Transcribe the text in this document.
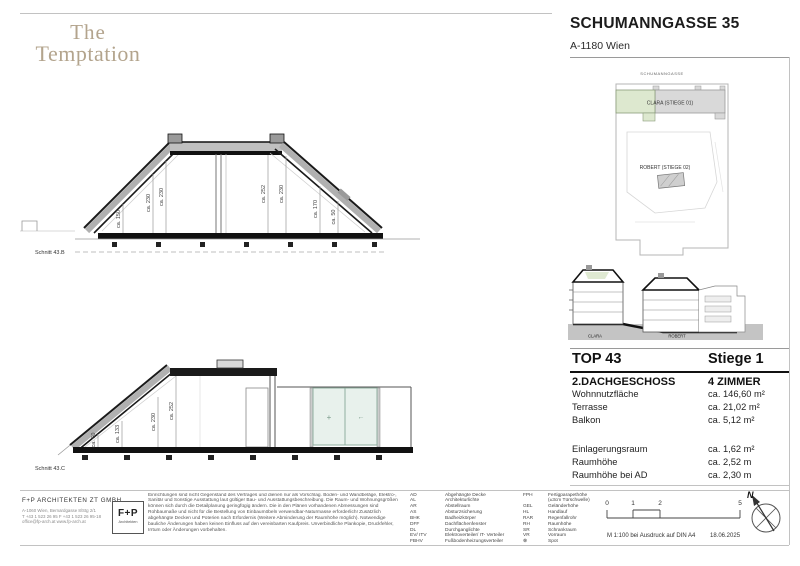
The
Temptation
SCHUMANNGASSE 35
A-1180 Wien
ca. 150
ca. 230 ca. 230	ca. 252 ca. 230
ca. 170 ca. 50
Schnitt 43.B
+	←
ca. 60	ca. 133
ca. 230
ca. 252
Schnitt 43.C
SCHUMANNGASSE
CLARA (STIEGE 01)
ROBERT (STIEGE 02)
CLARA	ROBERT
TOP 43	Stiege 1
2.DACHGESCHOSS	4 ZIMMER
Wohnnutzfläche	ca. 146,60 m²
Terrasse	ca. 21,02 m²
Balkon	ca. 5,12 m²
Einlagerungsraum	ca. 1,62 m²
Raumhöhe	ca. 2,52 m
Raumhöhe bei AD	ca. 2,30 m
F+P ARCHITEKTEN ZT GMBH
A-1060 Wien, Bernardgasse 8/Stg 2/1
T +43 1 523 26 95 F +43 1 523 26 95-18
office@fp-arch.at www.fp-arch.at
F+P
Architekten
Einrichtungen sind nicht Gegenstand des Vertrages und dienen nur als Vorschlag. Boden- und Wandbeläge, Elektro-, Sanitär und Sonstige Ausstattung laut gültiger Bau- und Ausstattungsbeschreibung. Die Raum- und Wohnungsgrößen können sich durch die Detailplanung geringfügig ändern. Die in den Plänen vorhandenen Abmessungen sind Rohbaumaße und nicht für die Bestellung von Einbaumöbeln verwendbar-Naturmasse erforderlich! Zusätzlich abgehängte Decken und Poterien nach Erfordernis (Weitere Abminderung der Raumhöhe möglich). Notwendige bauliche Änderungen haben keinen Einfluss auf den vereinbarten Kaufpreis. Unverbindliche Plankopie, Druckfehler, Irrtum oder Änderungen vorbehalten.
AD	Abgehängte Decke
AL	Architekturlichte
AR	Abstellraum
AS	Absturzsicherung
BHK	Badheizkörper
DFF	Dachflächenfenster
DL	Durchganglichte
EV/ ITV	Elektroverteiler/ IT- Verteiler
FBHV	Fußbodenheizungsverteiler
FPH	Fertigparapethöhe
(±3cm Türschwelle)
GEL	Geländerhöhe
HL	Handlauf
RAR	Regenfallrohr
RH	Raumhöhe
SR	Schrankraum
VR	Vorraum
⊗	Spot
0	1	2	5
M 1:100 bei Ausdruck auf DIN A4 18.06.2025
N
